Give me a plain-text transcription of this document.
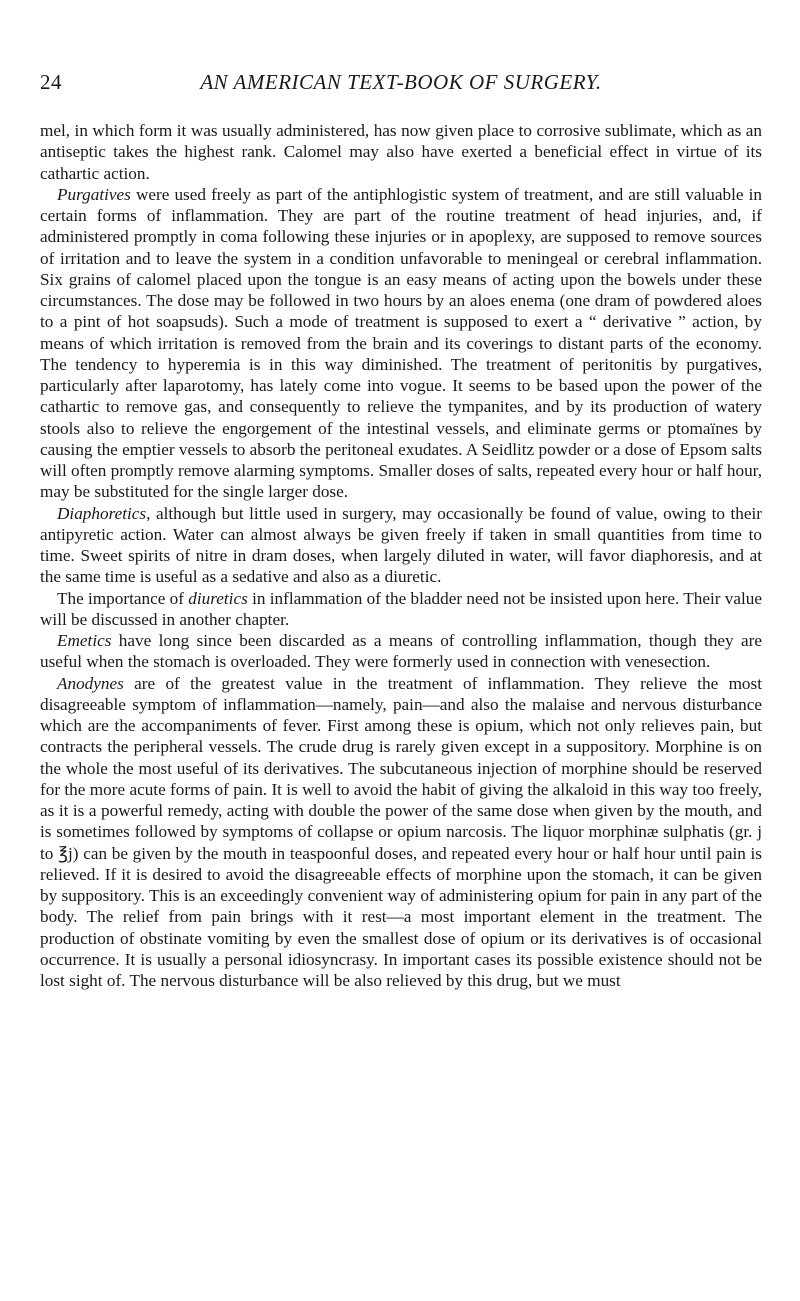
24	AN AMERICAN TEXT-BOOK OF SURGERY.

mel, in which form it was usually administered, has now given place to corrosive sublimate, which as an antiseptic takes the highest rank. Calomel may also have exerted a beneficial effect in virtue of its cathartic action.

Purgatives were used freely as part of the antiphlogistic system of treatment, and are still valuable in certain forms of inflammation. They are part of the routine treatment of head injuries, and, if administered promptly in coma following these injuries or in apoplexy, are supposed to remove sources of irritation and to leave the system in a condition unfavorable to meningeal or cerebral inflammation. Six grains of calomel placed upon the tongue is an easy means of acting upon the bowels under these circumstances. The dose may be followed in two hours by an aloes enema (one dram of powdered aloes to a pint of hot soapsuds). Such a mode of treatment is supposed to exert a “ derivative ” action, by means of which irritation is removed from the brain and its coverings to distant parts of the economy. The tendency to hyperemia is in this way diminished. The treatment of peritonitis by purgatives, particularly after laparotomy, has lately come into vogue. It seems to be based upon the power of the cathartic to remove gas, and consequently to relieve the tympanites, and by its production of watery stools also to relieve the engorgement of the intestinal vessels, and eliminate germs or ptomaïnes by causing the emptier vessels to absorb the peritoneal exudates. A Seidlitz powder or a dose of Epsom salts will often promptly remove alarming symptoms. Smaller doses of salts, repeated every hour or half hour, may be substituted for the single larger dose.

Diaphoretics, although but little used in surgery, may occasionally be found of value, owing to their antipyretic action. Water can almost always be given freely if taken in small quantities from time to time. Sweet spirits of nitre in dram doses, when largely diluted in water, will favor diaphoresis, and at the same time is useful as a sedative and also as a diuretic.

The importance of diuretics in inflammation of the bladder need not be insisted upon here. Their value will be discussed in another chapter.

Emetics have long since been discarded as a means of controlling inflammation, though they are useful when the stomach is overloaded. They were formerly used in connection with venesection.

Anodynes are of the greatest value in the treatment of inflammation. They relieve the most disagreeable symptom of inflammation—namely, pain—and also the malaise and nervous disturbance which are the accompaniments of fever. First among these is opium, which not only relieves pain, but contracts the peripheral vessels. The crude drug is rarely given except in a suppository. Morphine is on the whole the most useful of its derivatives. The subcutaneous injection of morphine should be reserved for the more acute forms of pain. It is well to avoid the habit of giving the alkaloid in this way too freely, as it is a powerful remedy, acting with double the power of the same dose when given by the mouth, and is sometimes followed by symptoms of collapse or opium narcosis. The liquor morphinæ sulphatis (gr. j to ℥j) can be given by the mouth in teaspoonful doses, and repeated every hour or half hour until pain is relieved. If it is desired to avoid the disagreeable effects of morphine upon the stomach, it can be given by suppository. This is an exceedingly convenient way of administering opium for pain in any part of the body. The relief from pain brings with it rest—a most important element in the treatment. The production of obstinate vomiting by even the smallest dose of opium or its derivatives is of occasional occurrence. It is usually a personal idiosyncrasy. In important cases its possible existence should not be lost sight of. The nervous disturbance will be also relieved by this drug, but we must
